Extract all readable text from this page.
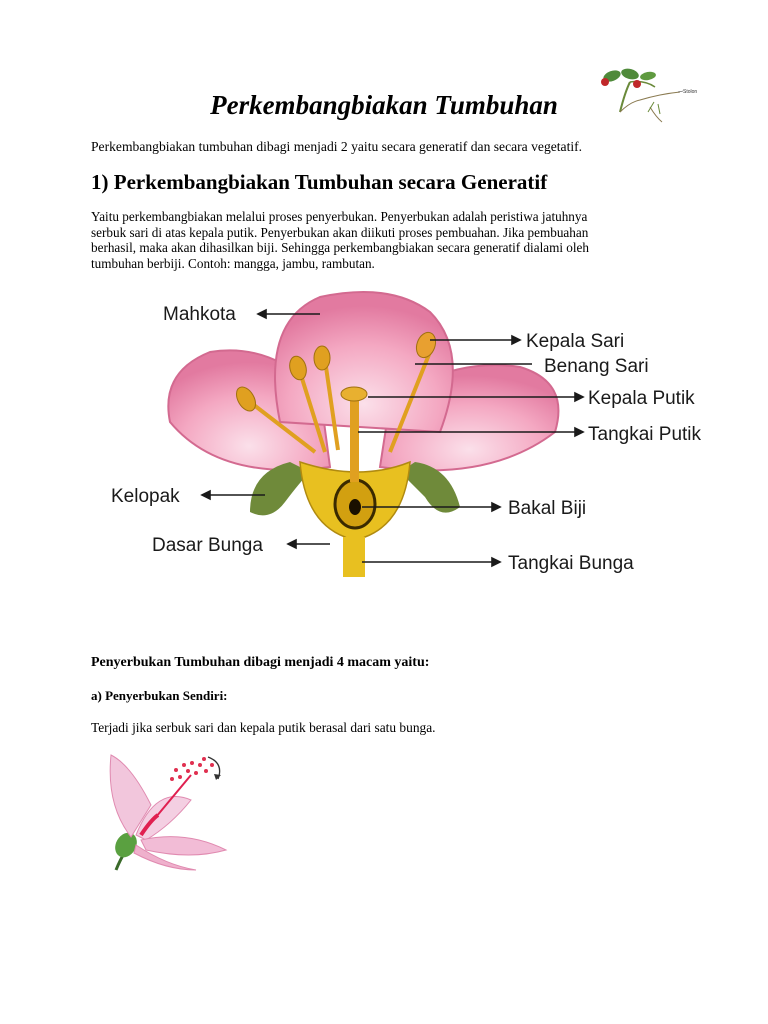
Perkembangbiakan Tumbuhan	Stolon
Perkembangbiakan tumbuhan dibagi menjadi 2 yaitu secara generatif dan secara vegetatif.
1) Perkembangbiakan Tumbuhan secara Generatif
Yaitu perkembangbiakan melalui proses penyerbukan. Penyerbukan adalah peristiwa jatuhnya
serbuk sari di atas kepala putik. Penyerbukan akan diikuti proses pembuahan. Jika pembuahan
berhasil, maka akan dihasilkan biji. Sehingga perkembangbiakan secara generatif dialami oleh
tumbuhan berbiji. Contoh: mangga, jambu, rambutan.
Mahkota
Kepala Sari
Benang Sari
Kepala Putik
Tangkai Putik
Kelopak
Bakal Biji
Dasar Bunga
Tangkai Bunga
Penyerbukan Tumbuhan dibagi menjadi 4 macam yaitu:
a) Penyerbukan Sendiri:
Terjadi jika serbuk sari dan kepala putik berasal dari satu bunga.
